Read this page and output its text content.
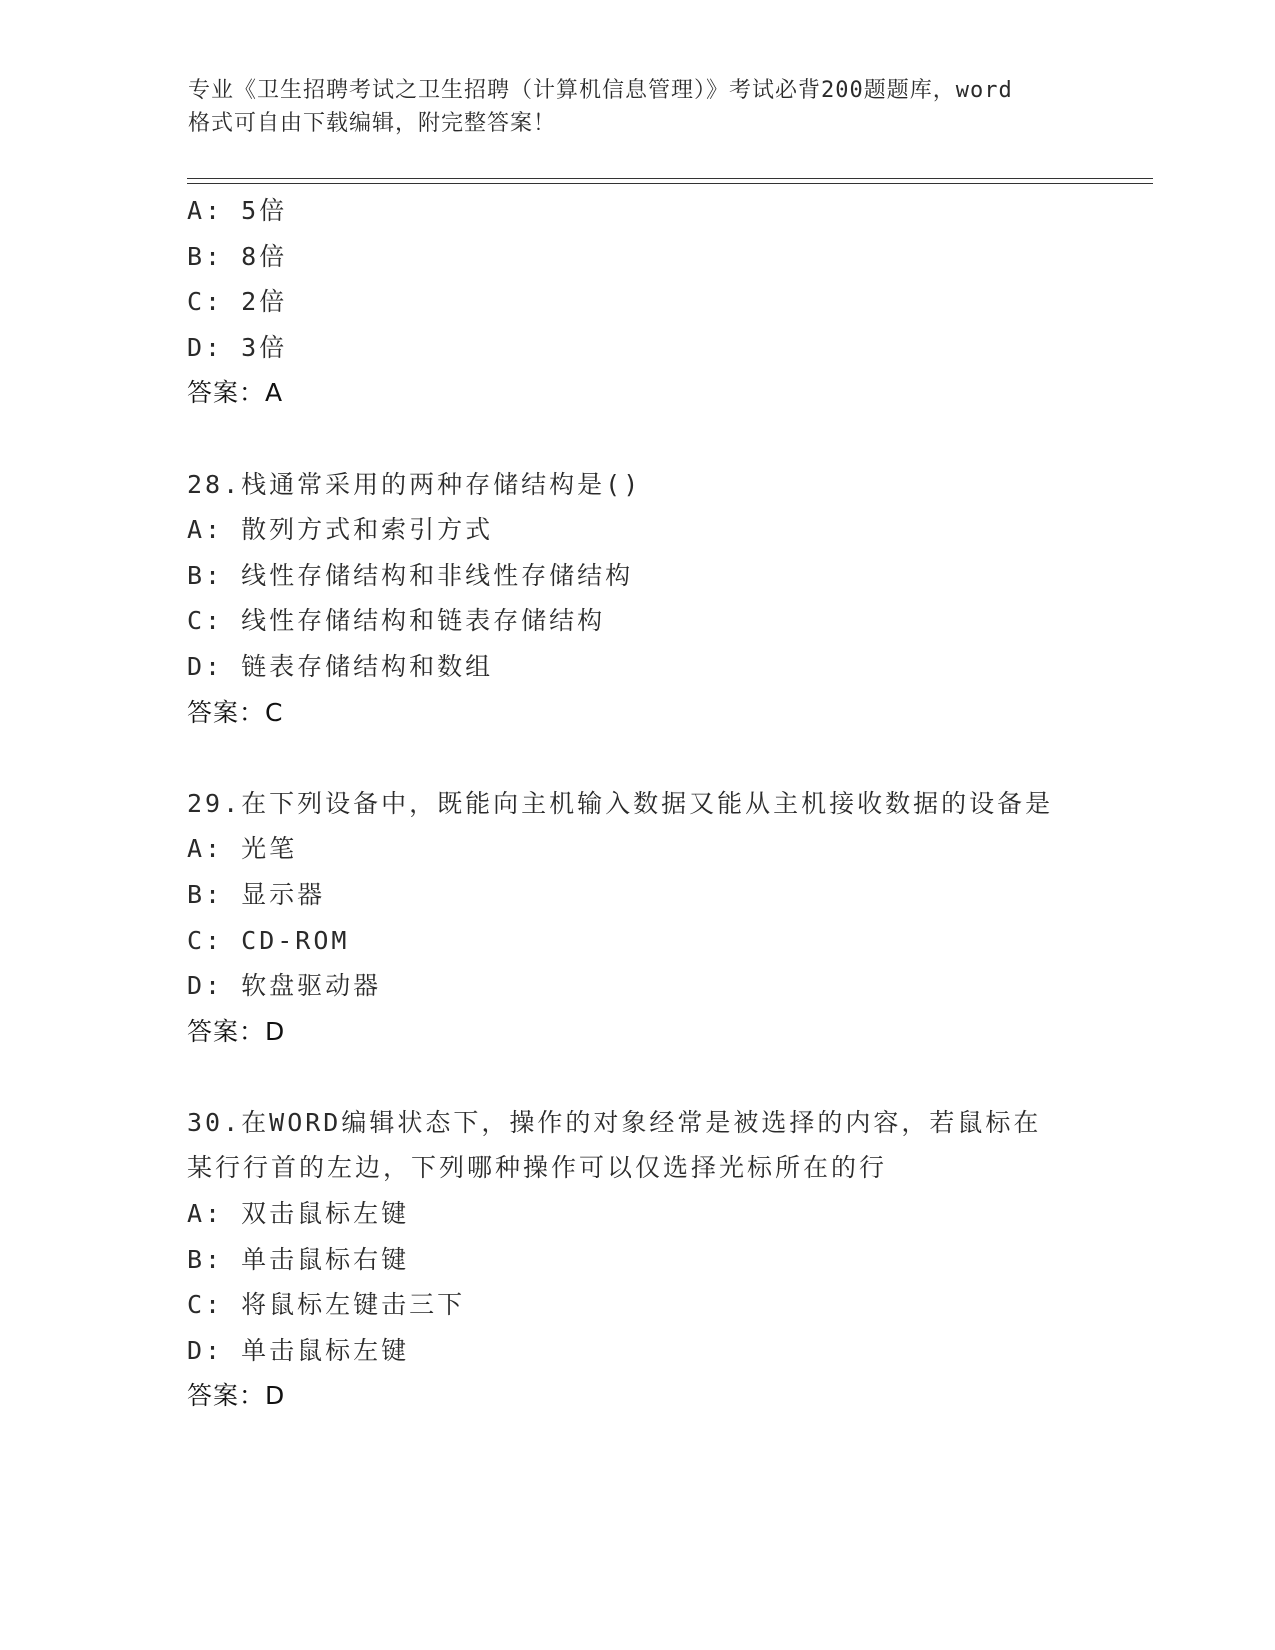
专业《卫生招聘考试之卫生招聘（计算机信息管理）》考试必背200题题库，word
格式可自由下载编辑，附完整答案！
A: 5倍
B: 8倍
C: 2倍
D: 3倍
答案：A
28.栈通常采用的两种存储结构是()
A: 散列方式和索引方式
B: 线性存储结构和非线性存储结构
C: 线性存储结构和链表存储结构
D: 链表存储结构和数组
答案：C
29.在下列设备中，既能向主机输入数据又能从主机接收数据的设备是
A: 光笔
B: 显示器
C: CD-ROM
D: 软盘驱动器
答案：D
30.在WORD编辑状态下，操作的对象经常是被选择的内容，若鼠标在
某行行首的左边，下列哪种操作可以仅选择光标所在的行
A: 双击鼠标左键
B: 单击鼠标右键
C: 将鼠标左键击三下
D: 单击鼠标左键
答案：D
